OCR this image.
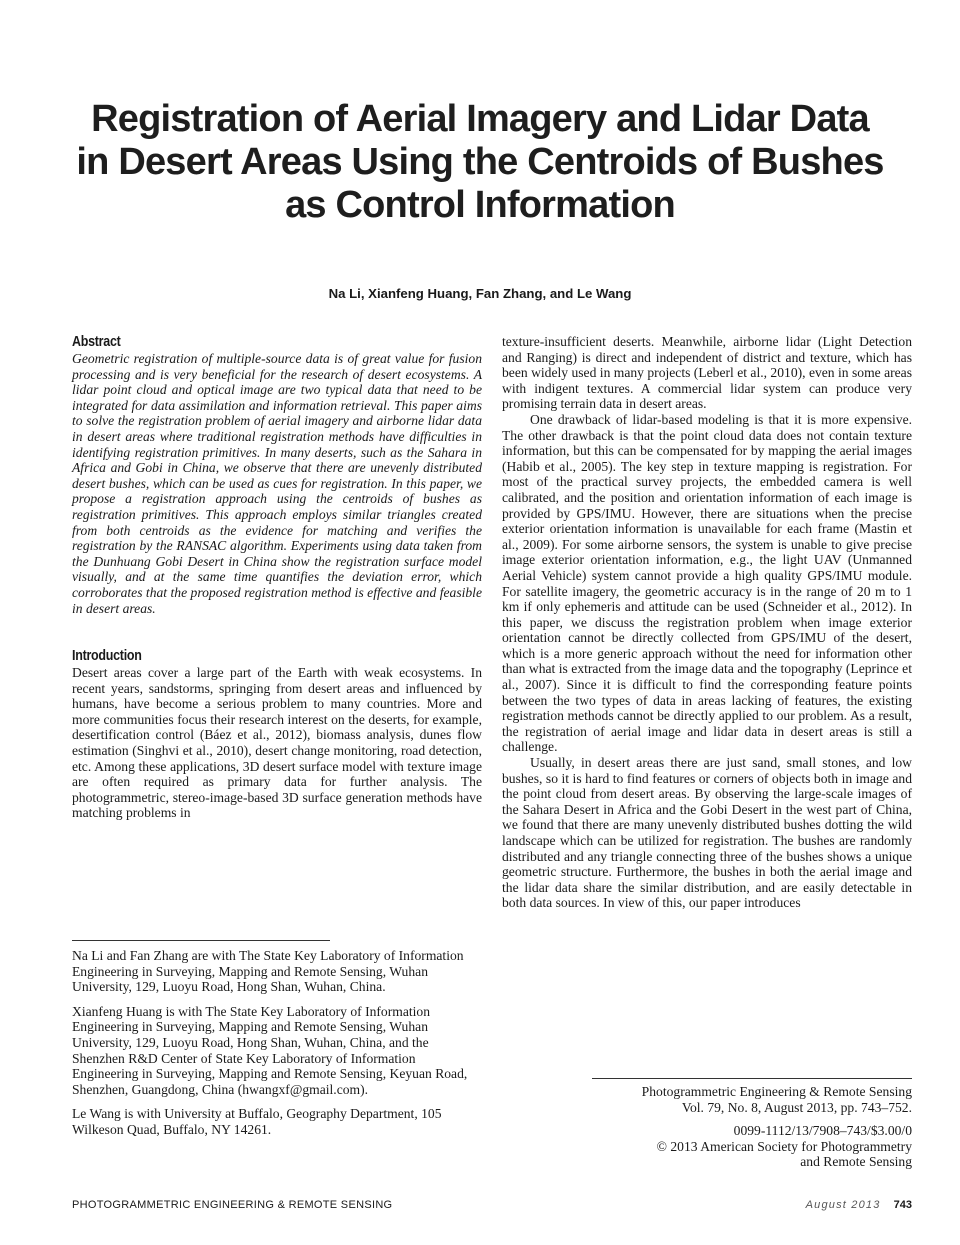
Registration of Aerial Imagery and Lidar Data
in Desert Areas Using the Centroids of Bushes
as Control Information

Na Li, Xianfeng Huang, Fan Zhang, and Le Wang

Abstract

Geometric registration of multiple-source data is of great value for fusion processing and is very beneficial for the research of desert ecosystems. A lidar point cloud and optical image are two typical data that need to be integrated for data assimilation and information retrieval. This paper aims to solve the registration problem of aerial imagery and airborne lidar data in desert areas where traditional registration methods have difficulties in identifying registration primitives. In many deserts, such as the Sahara in Africa and Gobi in China, we observe that there are unevenly distributed desert bushes, which can be used as cues for registration. In this paper, we propose a registration approach using the centroids of bushes as registration primitives. This approach employs similar triangles created from both centroids as the evidence for matching and verifies the registration by the RANSAC algorithm. Experiments using data taken from the Dunhuang Gobi Desert in China show the registration surface model visually, and at the same time quantifies the deviation error, which corroborates that the proposed registration method is effective and feasible in desert areas.

Introduction

Desert areas cover a large part of the Earth with weak ecosystems. In recent years, sandstorms, springing from desert areas and influenced by humans, have become a serious problem to many countries. More and more communities focus their research interest on the deserts, for example, desertification control (Báez et al., 2012), biomass analysis, dunes flow estimation (Singhvi et al., 2010), desert change monitoring, road detection, etc. Among these applications, 3D desert surface model with texture image are often required as primary data for further analysis. The photogrammetric, stereo-image-based 3D surface generation methods have matching problems in

texture-insufficient deserts. Meanwhile, airborne lidar (Light Detection and Ranging) is direct and independent of district and texture, which has been widely used in many projects (Leberl et al., 2010), even in some areas with indigent textures. A commercial lidar system can produce very promising terrain data in desert areas.

One drawback of lidar-based modeling is that it is more expensive. The other drawback is that the point cloud data does not contain texture information, but this can be compensated for by mapping the aerial images (Habib et al., 2005). The key step in texture mapping is registration. For most of the practical survey projects, the embedded camera is well calibrated, and the position and orientation information of each image is provided by GPS/IMU. However, there are situations when the precise exterior orientation information is unavailable for each frame (Mastin et al., 2009). For some airborne sensors, the system is unable to give precise image exterior orientation information, e.g., the light UAV (Unmanned Aerial Vehicle) system cannot provide a high quality GPS/IMU module. For satellite imagery, the geometric accuracy is in the range of 20 m to 1 km if only ephemeris and attitude can be used (Schneider et al., 2012). In this paper, we discuss the registration problem when image exterior orientation cannot be directly collected from GPS/IMU of the desert, which is a more generic approach without the need for information other than what is extracted from the image data and the topography (Leprince et al., 2007). Since it is difficult to find the corresponding feature points between the two types of data in areas lacking of features, the existing registration methods cannot be directly applied to our problem. As a result, the registration of aerial image and lidar data in desert areas is still a challenge.

Usually, in desert areas there are just sand, small stones, and low bushes, so it is hard to find features or corners of objects both in image and the point cloud from desert areas. By observing the large-scale images of the Sahara Desert in Africa and the Gobi Desert in the west part of China, we found that there are many unevenly distributed bushes dotting the wild landscape which can be utilized for registration. The bushes are randomly distributed and any triangle connecting three of the bushes shows a unique geometric structure. Furthermore, the bushes in both the aerial image and the lidar data share the similar distribution, and are easily detectable in both data sources. In view of this, our paper introduces

Na Li and Fan Zhang are with The State Key Laboratory of Information Engineering in Surveying, Mapping and Remote Sensing, Wuhan University, 129, Luoyu Road, Hong Shan, Wuhan, China.

Xianfeng Huang is with The State Key Laboratory of Information Engineering in Surveying, Mapping and Remote Sensing, Wuhan University, 129, Luoyu Road, Hong Shan, Wuhan, China, and the Shenzhen R&D Center of State Key Laboratory of Information Engineering in Surveying, Mapping and Remote Sensing, Keyuan Road, Shenzhen, Guangdong, China (hwangxf@gmail.com).

Le Wang is with University at Buffalo, Geography Department, 105 Wilkeson Quad, Buffalo, NY 14261.

Photogrammetric Engineering & Remote Sensing

Vol. 79, No. 8, August 2013, pp. 743–752.

0099-1112/13/7908–743/$3.00/0

© 2013 American Society for Photogrammetry

and Remote Sensing

PHOTOGRAMMETRIC ENGINEERING & REMOTE SENSING	August 2013 743
